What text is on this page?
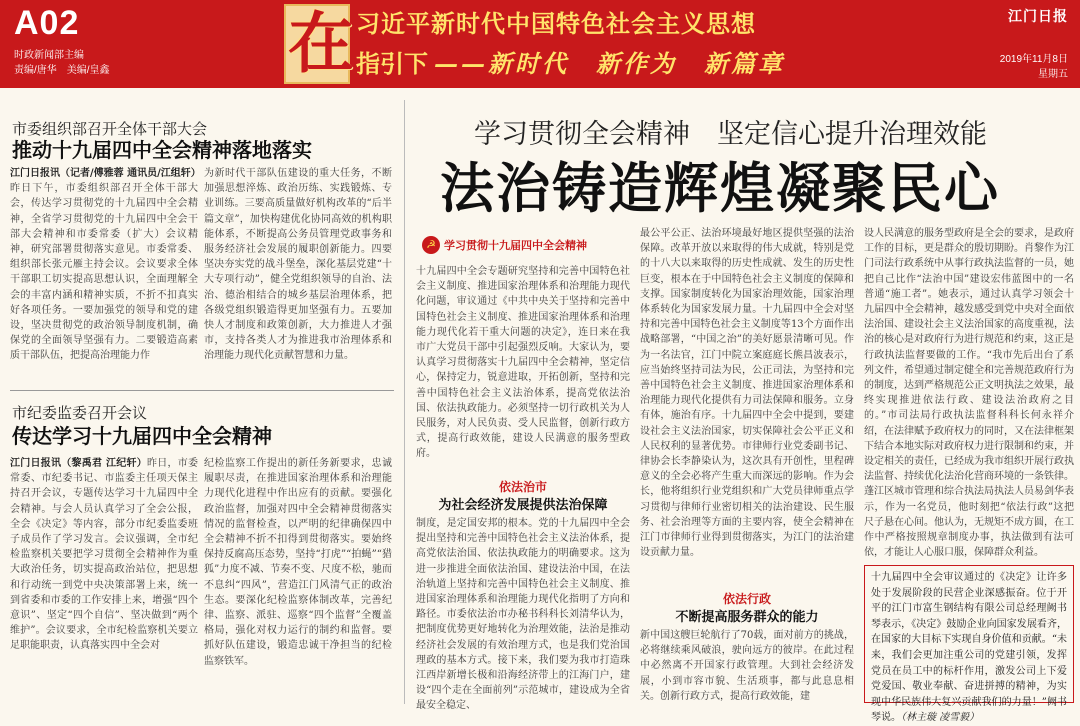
A02
时政新闻部主编
责编/唐华　美编/皇鑫	在 习近平新时代中国特色社会主义思想
指引下 ——新时代　新作为　新篇章
江门日报
2019年11月8日
星期五
市委组织部召开全体干部大会
推动十九届四中全会精神落地落实
江门日报讯（记者/傅雅蓉 通讯员/江组轩）昨日下午，市委组织部召开全体干部大会，传达学习贯彻党的十九届四中全会精神，全省学习贯彻党的十九届四中全会干部大会精神和市委常委（扩大）会议精神，研究部署贯彻落实意见。市委常委、组织部长张元雁主持会议。会议要求全体干部职工切实提高思想认识，全面理解全会的丰富内涵和精神实质，不折不扣真实好各项任务。一要加强党的领导和党的建设，坚决贯彻党的政治领导制度机制，确保党的全面领导坚强有力。二要锻造高素质干部队伍，把提高治理能力作
为新时代干部队伍建设的重大任务，不断加强思想淬炼、政治历练、实践锻炼、专业训练。三要高质量做好机构改革的“后半篇文章”，加快构建优化协同高效的机构职能体系，不断提高公务员管理党政事务和服务经济社会发展的履职创新能力。四要坚决夯实党的战斗堡垒，深化基层党建“十大专项行动”，健全党组织领导的自治、法治、德治相结合的城乡基层治理体系，把各级党组织锻造得更加坚强有力。五要加快人才制度和政策创新，大力推进人才强市，支持各类人才为推进我市治理体系和治理能力现代化贡献智慧和力量。
市纪委监委召开会议
传达学习十九届四中全会精神
江门日报讯（黎禹君 江纪轩）昨日，市委常委、市纪委书记、市监委主任项天保主持召开会议，专题传达学习十九届四中全会精神。与会人员认真学习了全会公报，全会《决定》等内容，部分市纪委监委班子成员作了学习发言。会议强调，全市纪检监察机关要把学习贯彻全会精神作为重大政治任务，切实提高政治站位，把思想和行动统一到党中央决策部署上来，统一到省委和市委的工作安排上来，增强“四个意识”、坚定“四个自信”、坚决做到“两个维护”。会议要求，全市纪检监察机关要立足职能职责，认真落实四中全会对
纪检监察工作提出的新任务新要求，忠诚履职尽责，在推进国家治理体系和治理能力现代化进程中作出应有的贡献。要强化政治监督，加强对四中全会精神贯彻落实情况的监督检查，以严明的纪律确保四中全会精神不折不扣得到贯彻落实。要始终保持反腐高压态势，坚持“打虎”“拍蝇”“猎狐”力度不减、节奏不变、尺度不松，驰而不息纠“四风”，营造江门风清气正的政治生态。要深化纪检监察体制改革，完善纪律、监察、派驻、巡察“四个监督”全覆盖格局，强化对权力运行的制约和监督。要抓好队伍建设，锻造忠诚干净担当的纪检监察铁军。
学习贯彻全会精神　坚定信心提升治理效能
法治铸造辉煌凝聚民心
☭ 学习贯彻十九届四中全会精神
十九届四中全会专题研究坚持和完善中国特色社会主义制度、推进国家治理体系和治理能力现代化问题，审议通过《中共中央关于坚持和完善中国特色社会主义制度、推进国家治理体系和治理能力现代化若干重大问题的决定》，连日来在我市广大党员干部中引起强烈反响。大家认为，要认真学习贯彻落实十九届四中全会精神，坚定信心，保持定力，锐意进取，开拓创新，坚持和完善中国特色社会主义法治体系，提高党依法治国、依法执政能力。必须坚持一切行政机关为人民服务，对人民负责、受人民监督，创新行政方式，提高行政效能，建设人民满意的服务型政府。
依法治市
为社会经济发展提供法治保障
制度，是定国安邦的根本。党的十九届四中全会提出坚持和完善中国特色社会主义法治体系，提高党依法治国、依法执政能力的明确要求。这为进一步推进全面依法治国、建设法治中国，在法治轨道上坚持和完善中国特色社会主义制度、推进国家治理体系和治理能力现代化指明了方向和路径。市委依法治市办秘书科科长刘清华认为，把制度优势更好地转化为治理效能，法治是推动经济社会发展的有效治理方式，也是我们党治国理政的基本方式。接下来，我们要为我市打造珠江西岸新增长极和沿海经济带上的江海门户，建设“四个走在全面前列”示范城市，建设成为全省最安全稳定、
最公平公正、法治环境最好地区提供坚强的法治保障。改革开放以来取得的伟大成就，特别是党的十八大以来取得的历史性成就、发生的历史性巨变，根本在于中国特色社会主义制度的保障和支撑。国家制度转化为国家治理效能，国家治理体系转化为国家发展力量。十九届四中全会对坚持和完善中国特色社会主义制度等13个方面作出战略部署，“中国之治”的美好愿景清晰可见。作为一名法官，江门中院立案庭庭长熊昌波表示，应当始终坚持司法为民，公正司法，为坚持和完善中国特色社会主义制度、推进国家治理体系和治理能力现代化提供有力司法保障和服务。立身有体，施治有序。十九届四中全会中提到，要建设社会主义法治国家，切实保障社会公平正义和人民权利的显著优势。市律师行业党委副书记、律协会长李静染认为，这次具有开创性，里程碑意义的全会必将产生重大而深远的影响。作为会长，他将组织行业党组织和广大党员律师重点学习贯彻与律师行业密切相关的法治建设、民生服务、社会治理等方面的主要内容，使全会精神在江门市律师行业得到贯彻落实，为江门的法治建设贡献力量。
依法行政
不断提高服务群众的能力
新中国这艘巨轮航行了70载，面对前方的挑战，必将继续乘风破浪，驶向远方的彼岸。在此过程中必然离不开国家行政管理。大到社会经济发展，小到市容市貌、生活琐事，都与此息息相关。创新行政方式，提高行政效能，建
设人民满意的服务型政府是全会的要求，是政府工作的目标，更是群众的殷切期盼。肖黎作为江门司法行政系统中从事行政执法监督的一员，她把自己比作“法治中国”建设宏伟蓝图中的一名普通“施工者”。她表示，通过认真学习领会十九届四中全会精神，越发感受到党中央对全面依法治国、建设社会主义法治国家的高度重视，法治的核心是对政府行为进行规范和约束，这正是行政执法监督要做的工作。“我市先后出台了系列文件，希望通过制定健全和完善规范政府行为的制度，达到严格规范公正文明执法之效果，最终实现推进依法行政、建设法治政府之目的。”市司法局行政执法监督科科长何永祥介绍，在法律赋予政府权力的同时，又在法律框架下结合本地实际对政府权力进行限制和约束，并设定相关的责任，已经成为我市组织开展行政执法监督、持续优化法治化营商环境的一条铁律。蓬江区城市管理和综合执法局执法人员易剑华表示，作为一名党员，他时刻把“依法行政”这把尺子悬在心间。他认为，无规矩不成方圆，在工作中严格按照规章制度办事，执法做到有法可依，才能让人心服口服，保障群众利益。
十九届四中全会审议通过的《决定》让许多处于发展阶段的民营企业深感振奋。位于开平的江门市富生钢结构有限公司总经理阙书琴表示，《决定》鼓励企业向国家发展看齐，在国家的大目标下实现自身价值和贡献。“未来，我们会更加注重公司的党建引领，发挥党员在员工中的标杆作用，激发公司上下爱党爱国、敬业奉献、奋进拼搏的精神，为实现中华民族伟大复兴贡献我们的力量！”阙书琴说。（林主璇 凌雪毅）
